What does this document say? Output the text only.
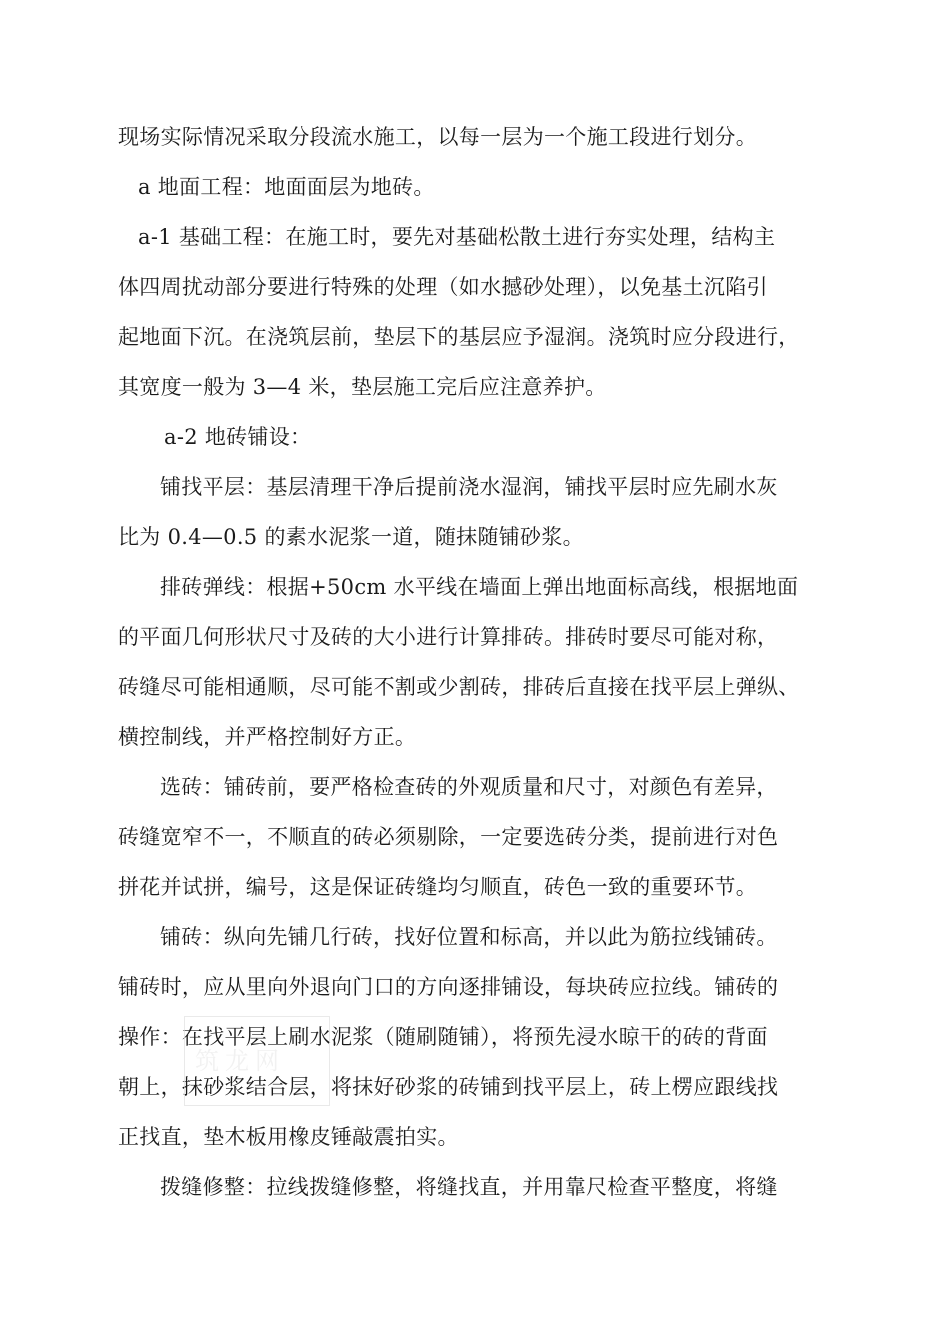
现场实际情况采取分段流水施工，以每一层为一个施工段进行划分。
a 地面工程：地面面层为地砖。
a-1 基础工程：在施工时，要先对基础松散土进行夯实处理，结构主
体四周扰动部分要进行特殊的处理（如水撼砂处理），以免基土沉陷引
起地面下沉。在浇筑层前，垫层下的基层应予湿润。浇筑时应分段进行，
其宽度一般为 3—4 米，垫层施工完后应注意养护。
a-2 地砖铺设：
铺找平层：基层清理干净后提前浇水湿润，铺找平层时应先刷水灰
比为 0.4—0.5 的素水泥浆一道，随抹随铺砂浆。
排砖弹线：根据+50cm 水平线在墙面上弹出地面标高线，根据地面
的平面几何形状尺寸及砖的大小进行计算排砖。排砖时要尽可能对称，
砖缝尽可能相通顺，尽可能不割或少割砖，排砖后直接在找平层上弹纵、
横控制线，并严格控制好方正。
选砖：铺砖前，要严格检查砖的外观质量和尺寸，对颜色有差异，
砖缝宽窄不一，不顺直的砖必须剔除，一定要选砖分类，提前进行对色
拼花并试拼，编号，这是保证砖缝均匀顺直，砖色一致的重要环节。
铺砖：纵向先铺几行砖，找好位置和标高，并以此为筋拉线铺砖。
铺砖时，应从里向外退向门口的方向逐排铺设，每块砖应拉线。铺砖的
操作：在找平层上刷水泥浆（随刷随铺），将预先浸水晾干的砖的背面
朝上，抹砂浆结合层，将抹好砂浆的砖铺到找平层上，砖上楞应跟线找
正找直，垫木板用橡皮锤敲震拍实。
拨缝修整：拉线拨缝修整，将缝找直，并用靠尺检查平整度，将缝
筑龙网
